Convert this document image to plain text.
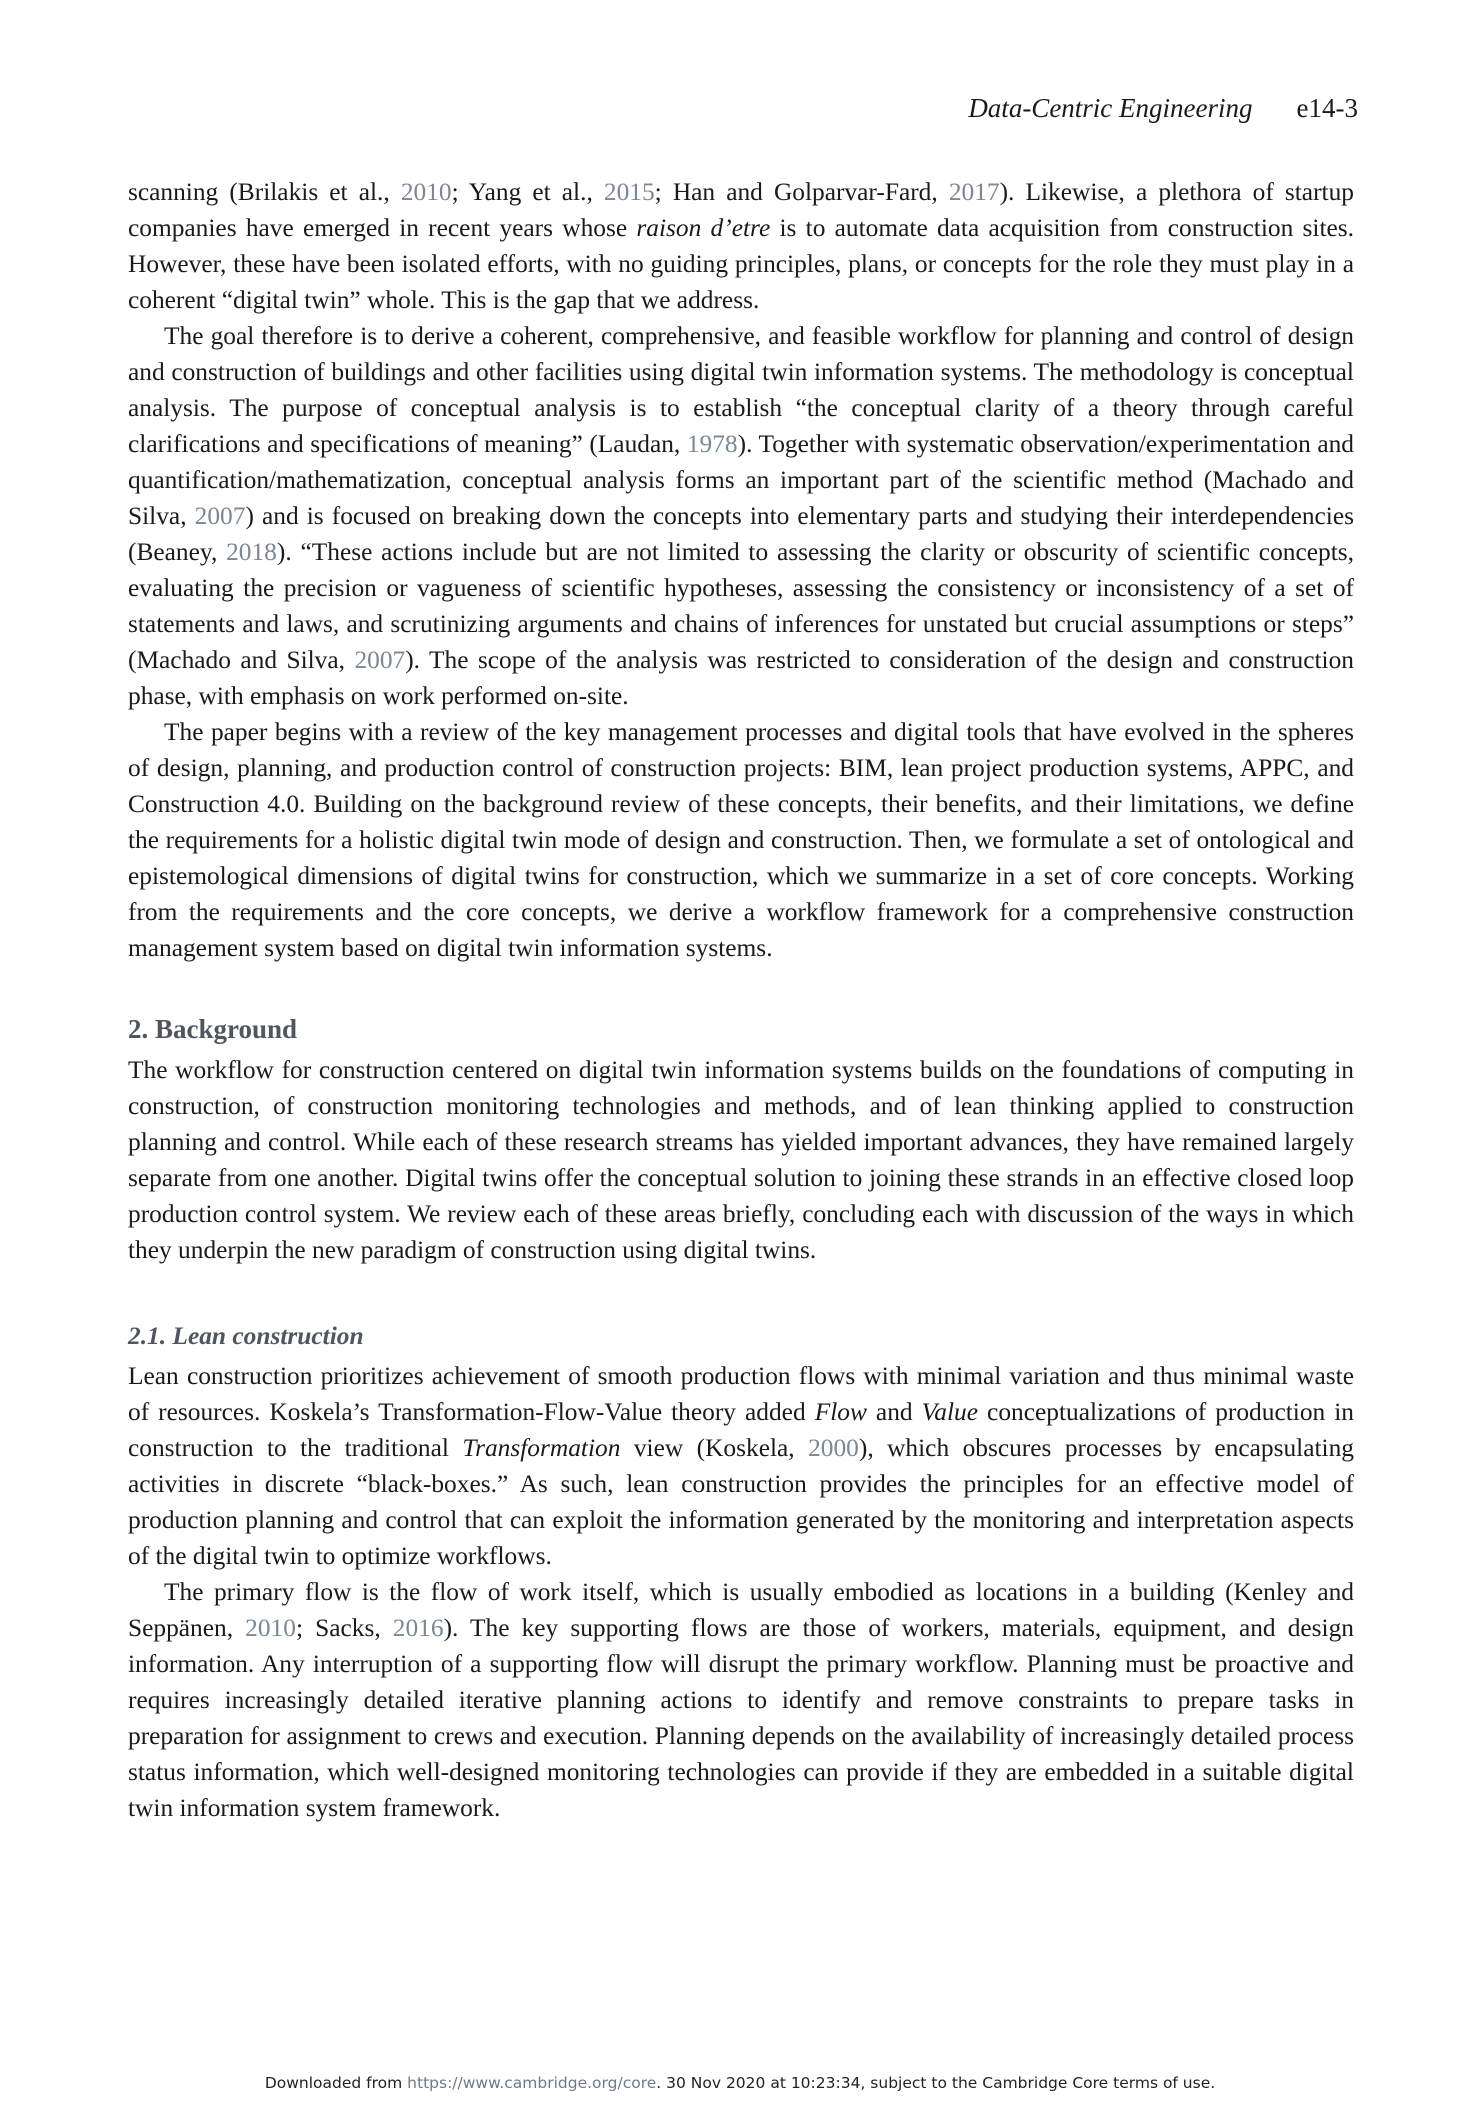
Data-Centric Engineering e14-3

scanning (Brilakis et al., 2010; Yang et al., 2015; Han and Golparvar-Fard, 2017). Likewise, a plethora of startup companies have emerged in recent years whose raison d’etre is to automate data acquisition from construction sites. However, these have been isolated efforts, with no guiding principles, plans, or concepts for the role they must play in a coherent “digital twin” whole. This is the gap that we address.

The goal therefore is to derive a coherent, comprehensive, and feasible workflow for planning and control of design and construction of buildings and other facilities using digital twin information systems. The methodology is conceptual analysis. The purpose of conceptual analysis is to establish “the conceptual clarity of a theory through careful clarifications and specifications of meaning” (Laudan, 1978). Together with systematic observation/experimentation and quantification/mathematization, conceptual analysis forms an important part of the scientific method (Machado and Silva, 2007) and is focused on breaking down the concepts into elementary parts and studying their interdependencies (Beaney, 2018). “These actions include but are not limited to assessing the clarity or obscurity of scientific concepts, evaluating the precision or vagueness of scientific hypotheses, assessing the consistency or inconsistency of a set of statements and laws, and scrutinizing arguments and chains of inferences for unstated but crucial assumptions or steps” (Machado and Silva, 2007). The scope of the analysis was restricted to consideration of the design and construction phase, with emphasis on work performed on-site.

The paper begins with a review of the key management processes and digital tools that have evolved in the spheres of design, planning, and production control of construction projects: BIM, lean project production systems, APPC, and Construction 4.0. Building on the background review of these concepts, their benefits, and their limitations, we define the requirements for a holistic digital twin mode of design and construction. Then, we formulate a set of ontological and epistemological dimensions of digital twins for construction, which we summarize in a set of core concepts. Working from the requirements and the core concepts, we derive a workflow framework for a comprehensive construction management system based on digital twin information systems.

2. Background

The workflow for construction centered on digital twin information systems builds on the foundations of computing in construction, of construction monitoring technologies and methods, and of lean thinking applied to construction planning and control. While each of these research streams has yielded important advances, they have remained largely separate from one another. Digital twins offer the conceptual solution to joining these strands in an effective closed loop production control system. We review each of these areas briefly, concluding each with discussion of the ways in which they underpin the new paradigm of construction using digital twins.

2.1. Lean construction

Lean construction prioritizes achievement of smooth production flows with minimal variation and thus minimal waste of resources. Koskela’s Transformation-Flow-Value theory added Flow and Value conceptualizations of production in construction to the traditional Transformation view (Koskela, 2000), which obscures processes by encapsulating activities in discrete “black-boxes.” As such, lean construction provides the principles for an effective model of production planning and control that can exploit the information generated by the monitoring and interpretation aspects of the digital twin to optimize workflows.

The primary flow is the flow of work itself, which is usually embodied as locations in a building (Kenley and Seppänen, 2010; Sacks, 2016). The key supporting flows are those of workers, materials, equipment, and design information. Any interruption of a supporting flow will disrupt the primary workflow. Planning must be proactive and requires increasingly detailed iterative planning actions to identify and remove constraints to prepare tasks in preparation for assignment to crews and execution. Planning depends on the availability of increasingly detailed process status information, which well-designed monitoring technologies can provide if they are embedded in a suitable digital twin information system framework.

Downloaded from https://www.cambridge.org/core. 30 Nov 2020 at 10:23:34, subject to the Cambridge Core terms of use.
